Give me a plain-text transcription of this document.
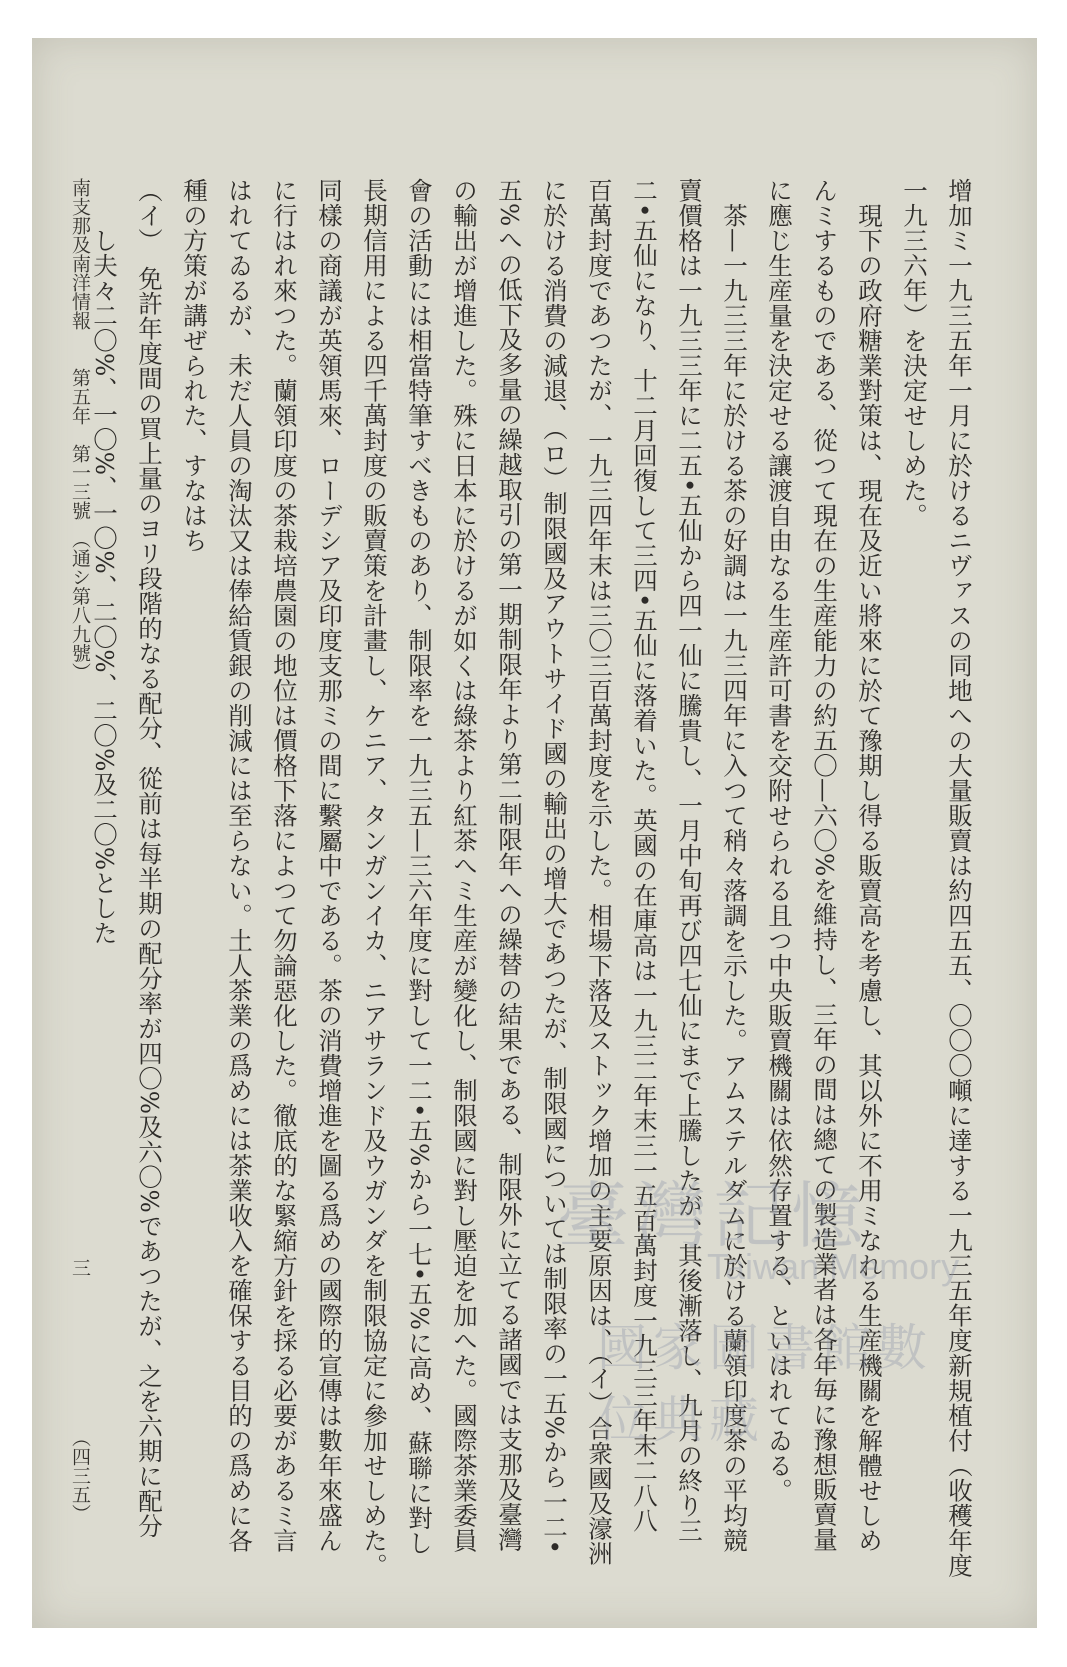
增加ミ一九三五年一月に於けるニヴァスの同地への大量販賣は約四五五、〇〇〇噸に達する一九三五年度新規植付（收穫年度
一九三六年）を決定せしめた。

　現下の政府糖業對策は、現在及近い將來に於て豫期し得る販賣高を考慮し、其以外に不用ミなれる生産機關を解體せしめ
んミするものである、從つて現在の生産能力の約五〇—六〇%を維持し、三年の間は總ての製造業者は各年毎に豫想販賣量
に應じ生産量を決定せる讓渡自由なる生産許可書を交附せられる且つ中央販賣機關は依然存置する、といはれてゐる。

　茶—一九三三年に於ける茶の好調は一九三四年に入つて稍々落調を示した。アムステルダムに於ける蘭領印度茶の平均競
賣價格は一九三三年に二五•五仙から四一仙に騰貴し、一月中旬再び四七仙にまで上騰したが、其後漸落し、九月の終り三
二•五仙になり、十二月回復して三四•五仙に落着いた。英國の在庫高は一九三二年末三一五百萬封度一九三三年末二八八
百萬封度であつたが、一九三四年末は三〇三百萬封度を示した。相場下落及ストック增加の主要原因は、（イ）合衆國及濠洲
に於ける消費の減退、（ロ）制限國及アウトサイド國の輸出の增大であつたが、制限國については制限率の一五%から一二•
五%への低下及多量の繰越取引の第一期制限年より第二制限年への繰替の結果である、制限外に立てる諸國では支那及臺灣
の輸出が增進した。殊に日本に於けるが如くは綠茶より紅茶へミ生産が變化し、制限國に對し壓迫を加へた。國際茶業委員
會の活動には相當特筆すべきものあり、制限率を一九三五—三六年度に對して一二•五%から一七•五%に高め、蘇聯に對し
長期信用による四千萬封度の販賣策を計畫し、ケニア、タンガンイカ、ニアサランド及ウガンダを制限協定に參加せしめた。
同樣の商議が英領馬來、ローデシア及印度支那ミの間に繫屬中である。茶の消費增進を圖る爲めの國際的宣傳は數年來盛ん
に行はれ來つた。蘭領印度の茶栽培農園の地位は價格下落によつて勿論惡化した。徹底的な緊縮方針を採る必要があるミ言
はれてゐるが、未だ人員の淘汰又は俸給賃銀の削減には至らない。土人茶業の爲めには茶業收入を確保する目的の爲めに各
種の方策が講ぜられた、すなはち

（イ）　免許年度間の買上量のヨリ段階的なる配分、從前は每半期の配分率が四〇%及六〇%であつたが、之を六期に配分
　　し夫々二〇%、一〇%、一〇%、二〇%、二〇%及二〇%とした

南支那及南洋情報　　第五年　第一三號　（通シ第八九號）
三
（四三五）
臺灣記憶
Taiwan Memory
國家圖書館數位典藏
